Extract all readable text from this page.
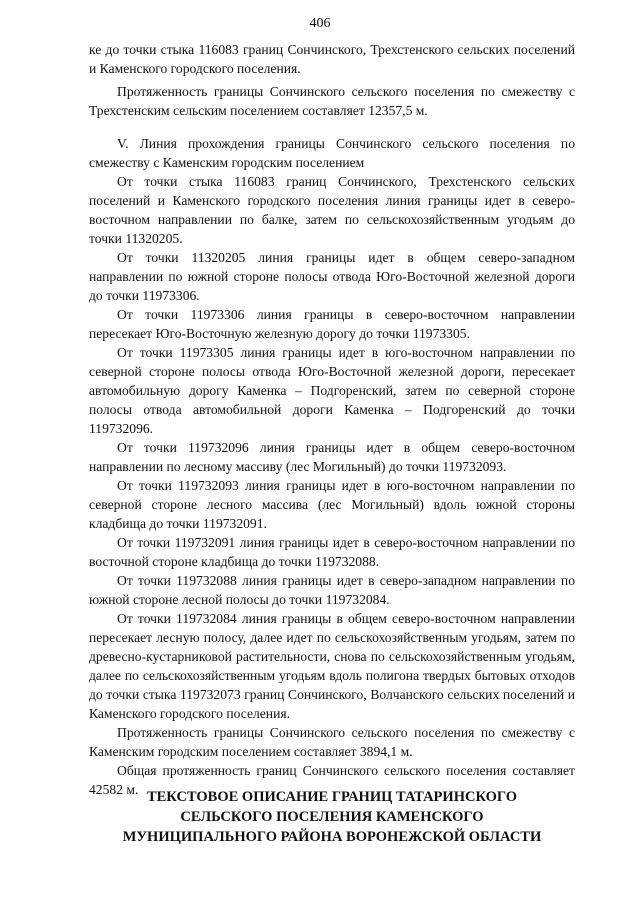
406

ке до точки стыка 116083 границ Сончинского, Трехстенского сельских поселений и Каменского городского поселения.

Протяженность границы Сончинского сельского поселения по смежеству с Трехстенским сельским поселением составляет 12357,5 м.

V. Линия прохождения границы Сончинского сельского поселения по смежеству с Каменским городским поселением

От точки стыка 116083 границ Сончинского, Трехстенского сельских поселений и Каменского городского поселения линия границы идет в северо-восточном направлении по балке, затем по сельскохозяйственным угодьям до точки 11320205.

От точки 11320205 линия границы идет в общем северо-западном направлении по южной стороне полосы отвода Юго-Восточной железной дороги до точки 11973306.

От точки 11973306 линия границы в северо-восточном направлении пересекает Юго-Восточную железную дорогу до точки 11973305.

От точки 11973305 линия границы идет в юго-восточном направлении по северной стороне полосы отвода Юго-Восточной железной дороги, пересекает автомобильную дорогу Каменка – Подгоренский, затем по северной стороне полосы отвода автомобильной дороги Каменка – Подгоренский до точки 119732096.

От точки 119732096 линия границы идет в общем северо-восточном направлении по лесному массиву (лес Могильный) до точки 119732093.

От точки 119732093 линия границы идет в юго-восточном направлении по северной стороне лесного массива (лес Могильный) вдоль южной стороны кладбища до точки 119732091.

От точки 119732091 линия границы идет в северо-восточном направлении по восточной стороне кладбища до точки 119732088.

От точки 119732088 линия границы идет в северо-западном направлении по южной стороне лесной полосы до точки 119732084.

От точки 119732084 линия границы в общем северо-восточном направлении пересекает лесную полосу, далее идет по сельскохозяйственным угодьям, затем по древесно-кустарниковой растительности, снова по сельскохозяйственным угодьям, далее по сельскохозяйственным угодьям вдоль полигона твердых бытовых отходов до точки стыка 119732073 границ Сончинского, Волчанского сельских поселений и Каменского городского поселения.

Протяженность границы Сончинского сельского поселения по смежеству с Каменским городским поселением составляет 3894,1 м.

Общая протяженность границ Сончинского сельского поселения составляет 42582 м. ТЕКСТОВОЕ ОПИСАНИЕ ГРАНИЦ ТАТАРИНСКОГО
СЕЛЬСКОГО ПОСЕЛЕНИЯ КАМЕНСКОГО
МУНИЦИПАЛЬНОГО РАЙОНА ВОРОНЕЖСКОЙ ОБЛАСТИ
